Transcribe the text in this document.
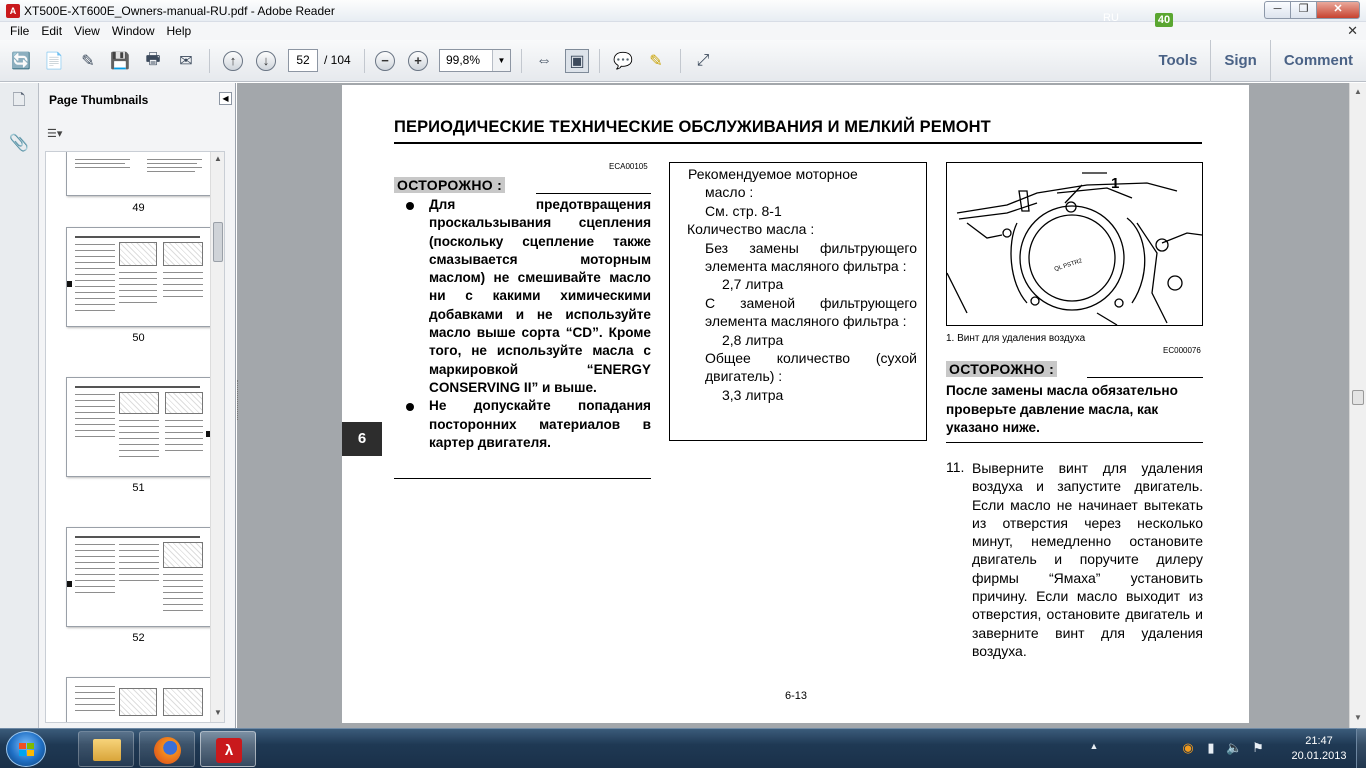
A XT500E-XT600E_Owners-manual-RU.pdf - Adobe Reader	─	❐	✕
File	Edit	View	Window	Help	✕
🔄 📄	✎ 💾 🖶	✉	↑	↓	−	+	⇔ ▣ 💬	✎	⤢
52	/ 104	99,8%	▼	Tools	Sign	Comment
🗋
📎
Page Thumbnails	◀
☰▾
49
50
51
52
▲
▼
ПЕРИОДИЧЕСКИЕ ТЕХНИЧЕСКИЕ ОБСЛУЖИВАНИЯ И МЕЛКИЙ РЕМОНТ
ECA00105
ОСТОРОЖНО :
Для предотвращения проскальзывания сцепления (поскольку сцепление также смазывается моторным маслом) не смешивайте масло ни с какими химическими добавками и не используйте масло выше сорта “CD”. Кроме того, не используйте масла с маркировкой “ENERGY CONSERVING II” и выше.
Не допускайте попадания посторонних материалов в картер двигателя.

Рекомендуемое моторное

масло :

См. стр. 8-1

Количество масла :

Без замены фильтрующего элемента масляного фильтра :

2,7 литра

С заменой фильтрующего элемента масляного фильтра :

2,8 литра

Общее количество (сухой двигатель) :

3,3 литра

QL PSTR2
1
1. Винт для удаления воздуха
EC000076
ОСТОРОЖНО :
После замены масла обязательно проверьте давление масла, как указано ниже.
11. Выверните винт для удаления воздуха и запустите двигатель. Если масло не начинает вытекать из отверстия через несколько минут, немедленно остановите двигатель и поручите дилеру фирмы “Ямаха” установить причину. Если масло выходит из отверстия, остановите двигатель и заверните винт для удаления воздуха.
6
6-13
▲
▼
λ	▲
RU	40
◉	▮ 🔈 ⚑	21:47
20.01.2013
